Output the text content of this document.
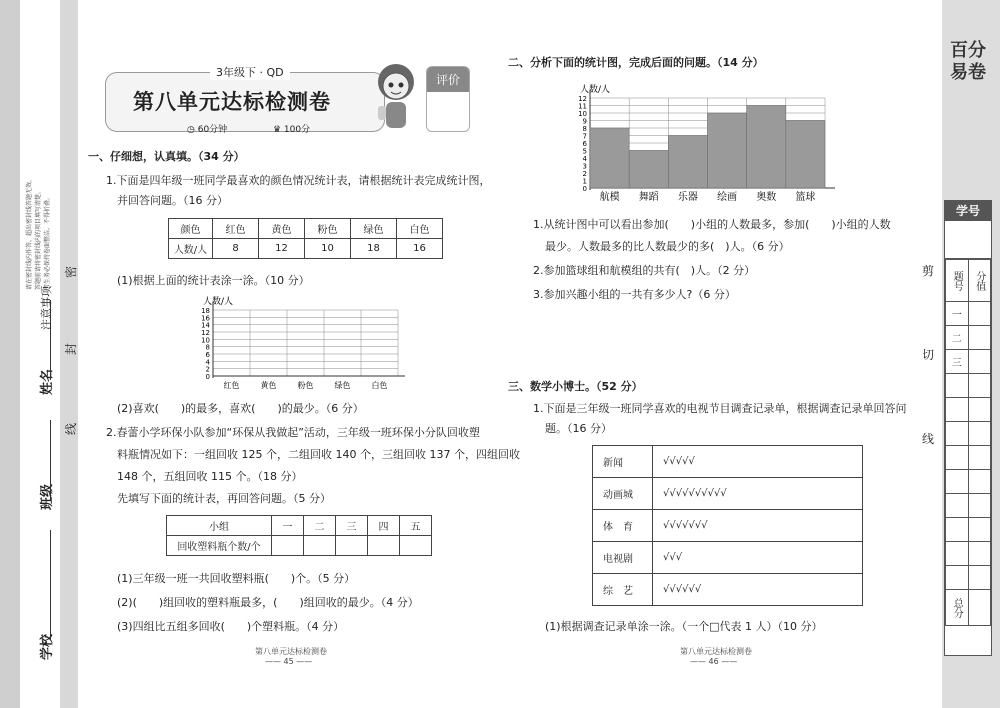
请在密封线内作答，超出密封线答题无效。 答题前请将密封线内的项目填写清楚。 考生务必保持卷面整洁，不得折叠。
注意事项
姓名
班级
学校
密
封
线
3年级下 · QD
第八单元达标检测卷
◷ 60分钟	♛ 100分
评价
一、仔细想，认真填。（34 分）
1.下面是四年级一班同学最喜欢的颜色情况统计表，请根据统计表完成统计图，
并回答问题。（16 分）
颜色	红色	黄色	粉色	绿色	白色
人数/人	8	12	10	18	16
(1)根据上面的统计表涂一涂。（10 分）
人数/人
0
2
4
6
8
10
12
14
16
18
红色	黄色	粉色	绿色	白色
(2)喜欢(　　)的最多，喜欢(　　)的最少。（6 分）
2.春蕾小学环保小队参加“环保从我做起”活动，三年级一班环保小分队回收塑
料瓶情况如下：一组回收 125 个，二组回收 140 个，三组回收 137 个，四组回收
148 个，五组回收 115 个。（18 分）
先填写下面的统计表，再回答问题。（5 分）
小组	一	二	三	四	五
回收塑料瓶个数/个					
(1)三年级一班一共回收塑料瓶(　　)个。（5 分）
(2)(　　)组回收的塑料瓶最多，(　　)组回收的最少。（4 分）
(3)四组比五组多回收(　　)个塑料瓶。（4 分）
第八单元达标检测卷
—— 45 ——
二、分析下面的统计图，完成后面的问题。（14 分）
人数/人
0
1
2
3
4
5
6
7
8
9
10
11
12
航模 舞蹈 乐器 绘画 奥数 篮球
1.从统计图中可以看出参加(　　)小组的人数最多，参加(　　)小组的人数
最少。人数最多的比人数最少的多(　)人。（6 分）
2.参加篮球组和航模组的共有(　)人。（2 分）
3.参加兴趣小组的一共有多少人?（6 分）
三、数学小博士。（52 分）
1.下面是三年级一班同学喜欢的电视节目调查记录单，根据调查记录单回答问
题。（16 分）
新闻	√√√√√
动画城	√√√√√√√√√√
体　育	√√√√√√√
电视剧	√√√
综　艺	√√√√√√
(1)根据调查记录单涂一涂。（一个□代表 1 人）（10 分）
第八单元达标检测卷
—— 46 ——
百分
易卷
学号
题号	分值
一	
二	
三	

总分	
剪
切
线
